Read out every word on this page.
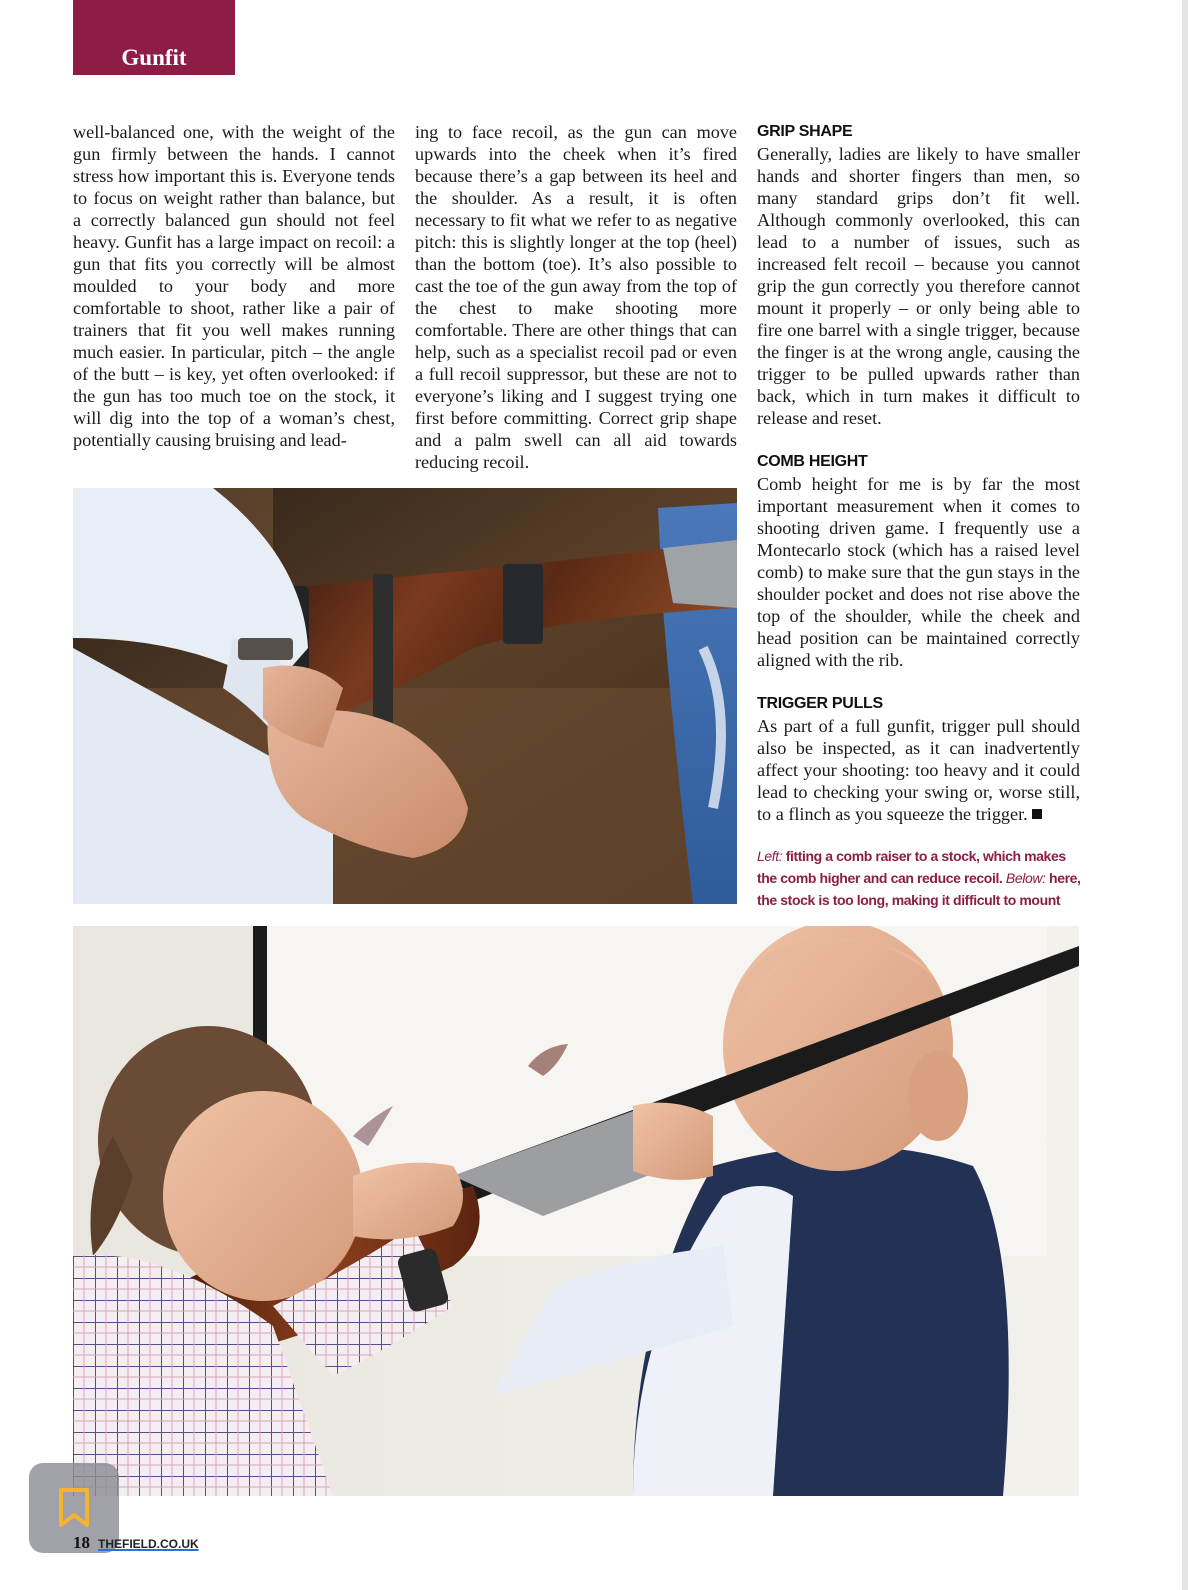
Gunfit

well-balanced one, with the weight of the gun firmly between the hands. I cannot stress how important this is. Everyone tends to focus on weight rather than balance, but a correctly balanced gun should not feel heavy. Gunfit has a large impact on recoil: a gun that fits you correctly will be almost moulded to your body and more comfortable to shoot, rather like a pair of trainers that fit you well makes running much easier. In particular, pitch – the angle of the butt – is key, yet often overlooked: if the gun has too much toe on the stock, it will dig into the top of a woman’s chest, potentially causing bruising and lead-

ing to face recoil, as the gun can move upwards into the cheek when it’s fired because there’s a gap between its heel and the shoulder. As a result, it is often necessary to fit what we refer to as negative pitch: this is slightly longer at the top (heel) than the bottom (toe). It’s also possible to cast the toe of the gun away from the top of the chest to make shooting more comfortable. There are other things that can help, such as a specialist recoil pad or even a full recoil suppressor, but these are not to everyone’s liking and I suggest trying one first before committing. Correct grip shape and a palm swell can all aid towards reducing recoil.

GRIP SHAPE

Generally, ladies are likely to have smaller hands and shorter fingers than men, so many standard grips don’t fit well. Although commonly overlooked, this can lead to a number of issues, such as increased felt recoil – because you cannot grip the gun correctly you therefore cannot mount it properly – or only being able to fire one barrel with a single trigger, because the finger is at the wrong angle, causing the trigger to be pulled upwards rather than back, which in turn makes it difficult to release and reset.

COMB HEIGHT

Comb height for me is by far the most important measurement when it comes to shooting driven game. I frequently use a Montecarlo stock (which has a raised level comb) to make sure that the gun stays in the shoulder pocket and does not rise above the top of the shoulder, while the cheek and head position can be maintained correctly aligned with the rib.

TRIGGER PULLS

As part of a full gunfit, trigger pull should also be inspected, as it can inadvertently affect your shooting: too heavy and it could lead to checking your swing or, worse still, to a flinch as you squeeze the trigger.

Left: fitting a comb raiser to a stock, which makes the comb higher and can reduce recoil. Below: here, the stock is too long, making it difficult to mount
18 THEFIELD.CO.UK
